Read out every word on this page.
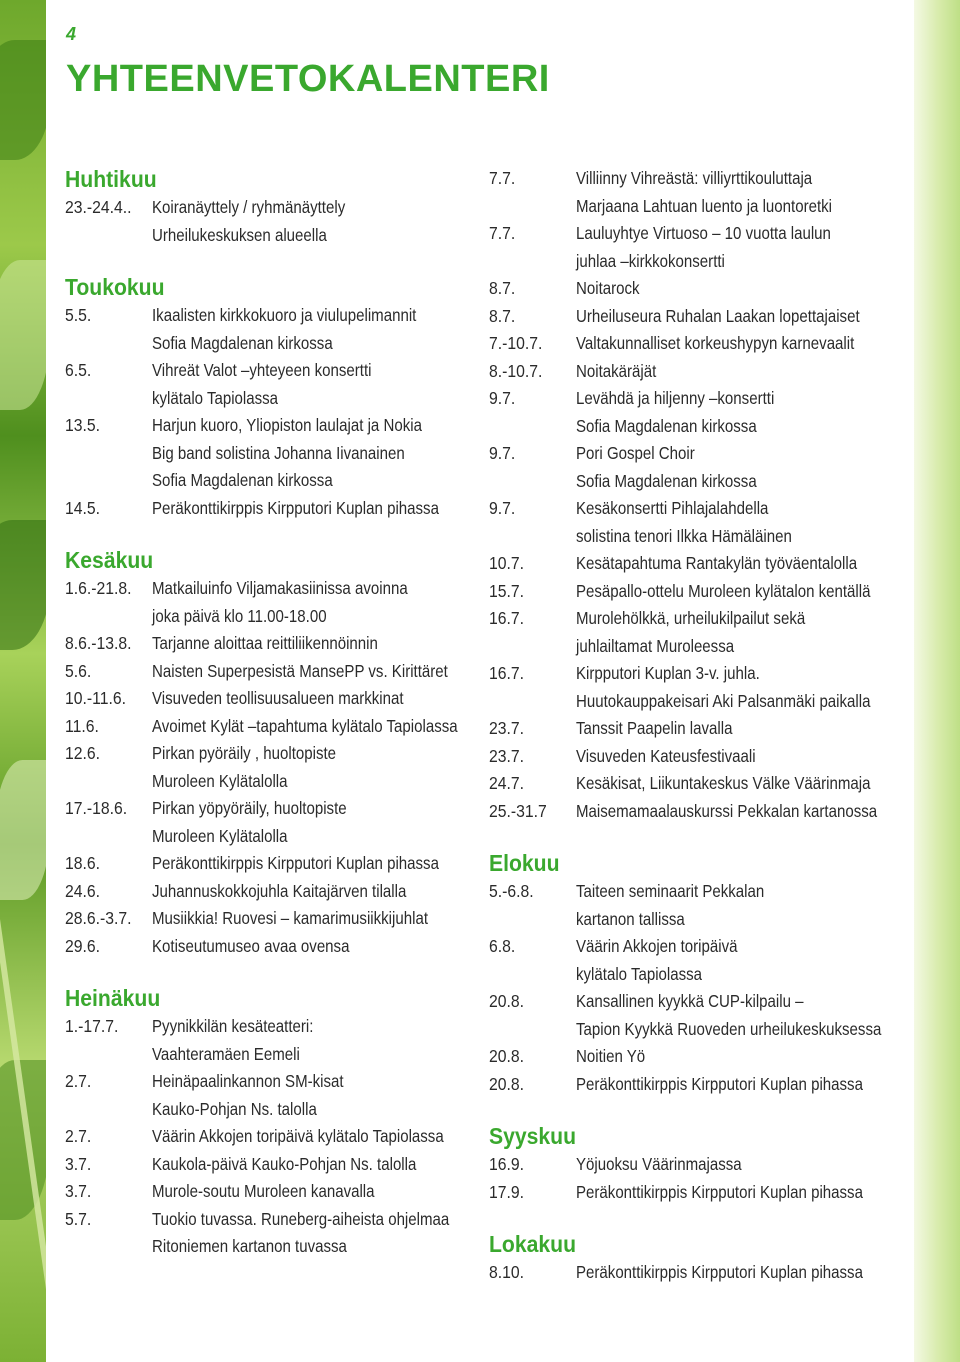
4
YHTEENVETOKALENTERI
Huhtikuu
23.-24.4..	Koiranäyttely / ryhmänäyttely
Urheilukeskuksen alueella
Toukokuu
5.5.	Ikaalisten kirkkokuoro ja viulupelimannit
Sofia Magdalenan kirkossa
6.5.	Vihreät Valot –yhteyeen konsertti
kylätalo Tapiolassa
13.5.	Harjun kuoro, Yliopiston laulajat ja Nokia
Big band solistina Johanna Iivanainen
Sofia Magdalenan kirkossa
14.5.	Peräkonttikirppis Kirpputori Kuplan pihassa
Kesäkuu
1.6.-21.8.	Matkailuinfo Viljamakasiinissa avoinna
joka päivä klo 11.00-18.00
8.6.-13.8.	Tarjanne aloittaa reittiliikennöinnin
5.6.	Naisten Superpesistä MansePP vs. Kirittäret
10.-11.6.	Visuveden teollisuusalueen markkinat
11.6.	Avoimet Kylät –tapahtuma kylätalo Tapiolassa
12.6.	Pirkan pyöräily , huoltopiste
Muroleen Kylätalolla
17.-18.6.	Pirkan yöpyöräily, huoltopiste
Muroleen Kylätalolla
18.6.	Peräkonttikirppis Kirpputori Kuplan pihassa
24.6.	Juhannuskokkojuhla Kaitajärven tilalla
28.6.-3.7.	Musiikkia! Ruovesi – kamarimusiikkijuhlat
29.6.	Kotiseutumuseo avaa ovensa
Heinäkuu
1.-17.7.	Pyynikkilän kesäteatteri:
Vaahteramäen Eemeli
2.7.	Heinäpaalinkannon SM-kisat
Kauko-Pohjan Ns. talolla
2.7.	Väärin Akkojen toripäivä kylätalo Tapiolassa
3.7.	Kaukola-päivä Kauko-Pohjan Ns. talolla
3.7.	Murole-soutu Muroleen kanavalla
5.7.	Tuokio tuvassa. Runeberg-aiheista ohjelmaa
Ritoniemen kartanon tuvassa
7.7.	Villiinny Vihreästä: villiyrttikouluttaja
Marjaana Lahtuan luento ja luontoretki
7.7.	Lauluyhtye Virtuoso – 10 vuotta laulun
juhlaa –kirkkokonsertti
8.7.	Noitarock
8.7.	Urheiluseura Ruhalan Laakan lopettajaiset
7.-10.7.	Valtakunnalliset korkeushypyn karnevaalit
8.-10.7.	Noitakäräjät
9.7.	Levähdä ja hiljenny –konsertti
Sofia Magdalenan kirkossa
9.7.	Pori Gospel Choir
Sofia Magdalenan kirkossa
9.7.	Kesäkonsertti Pihlajalahdella
solistina tenori Ilkka Hämäläinen
10.7.	Kesätapahtuma Rantakylän työväentalolla
15.7.	Pesäpallo-ottelu Muroleen kylätalon kentällä
16.7.	Murolehölkkä, urheilukilpailut sekä
juhlailtamat Muroleessa
16.7.	Kirpputori Kuplan 3-v. juhla.
Huutokauppakeisari Aki Palsanmäki paikalla
23.7.	Tanssit Paapelin lavalla
23.7.	Visuveden Kateusfestivaali
24.7.	Kesäkisat, Liikuntakeskus Välke Väärinmaja
25.-31.7	Maisemamaalauskurssi Pekkalan kartanossa
Elokuu
5.-6.8.	Taiteen seminaarit Pekkalan
kartanon tallissa
6.8.	Väärin Akkojen toripäivä
kylätalo Tapiolassa
20.8.	Kansallinen kyykkä CUP-kilpailu –
Tapion Kyykkä Ruoveden urheilukeskuksessa
20.8.	Noitien Yö
20.8.	Peräkonttikirppis Kirpputori Kuplan pihassa
Syyskuu
16.9.	Yöjuoksu Väärinmajassa
17.9.	Peräkonttikirppis Kirpputori Kuplan pihassa
Lokakuu
8.10.	Peräkonttikirppis Kirpputori Kuplan pihassa
